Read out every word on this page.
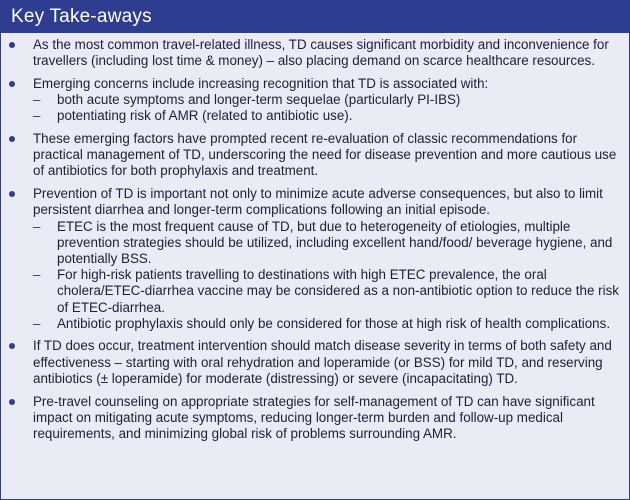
Key Take-aways
As the most common travel-related illness, TD causes significant morbidity and inconvenience for travellers (including lost time & money) – also placing demand on scarce healthcare resources.
Emerging concerns include increasing recognition that TD is associated with:
– both acute symptoms and longer-term sequelae (particularly PI-IBS)
– potentiating risk of AMR (related to antibiotic use).
These emerging factors have prompted recent re-evaluation of classic recommendations for practical management of TD, underscoring the need for disease prevention and more cautious use of antibiotics for both prophylaxis and treatment.
Prevention of TD is important not only to minimize acute adverse consequences, but also to limit persistent diarrhea and longer-term complications following an initial episode.
– ETEC is the most frequent cause of TD, but due to heterogeneity of etiologies, multiple prevention strategies should be utilized, including excellent hand/food/ beverage hygiene, and potentially BSS.
– For high-risk patients travelling to destinations with high ETEC prevalence, the oral cholera/ETEC-diarrhea vaccine may be considered as a non-antibiotic option to reduce the risk of ETEC-diarrhea.
– Antibiotic prophylaxis should only be considered for those at high risk of health complications.
If TD does occur, treatment intervention should match disease severity in terms of both safety and effectiveness – starting with oral rehydration and loperamide (or BSS) for mild TD, and reserving antibiotics (± loperamide) for moderate (distressing) or severe (incapacitating) TD.
Pre-travel counseling on appropriate strategies for self-management of TD can have significant impact on mitigating acute symptoms, reducing longer-term burden and follow-up medical requirements, and minimizing global risk of problems surrounding AMR.
